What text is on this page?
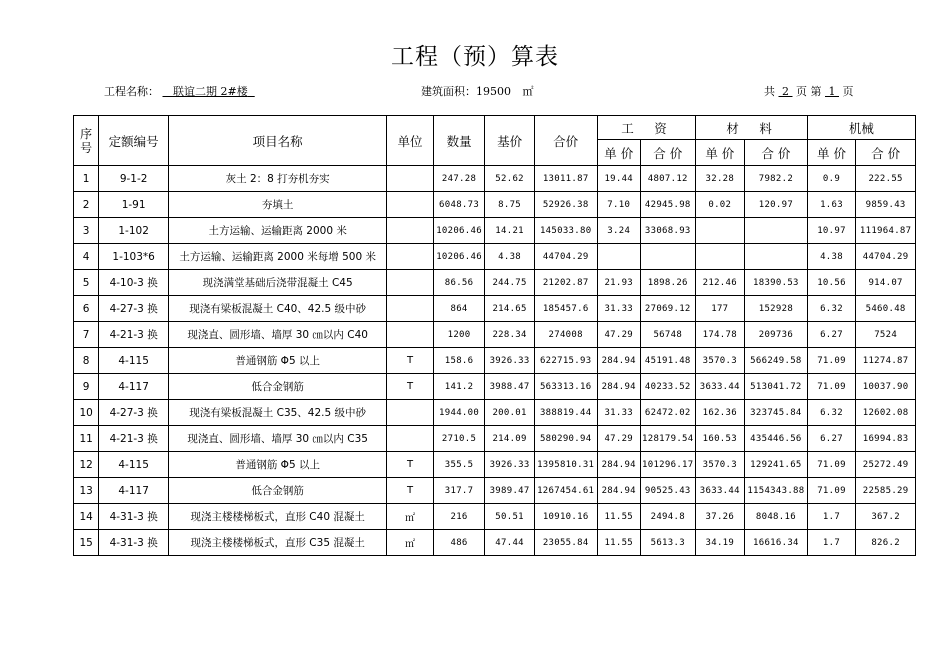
工程（预）算表
工程名称： 联谊二期 2#楼	建筑面积：19500 ㎡	共 2 页 第 1 页
序号	定额编号	项目名称	单位	数量	基价	合价	工　资		材　料		机械	
							单 价	合 价	单 价	合 价	单 价	合 价
1	9-1-2	灰土 2：8 打夯机夯实		247.28	52.62	13011.87	19.44	4807.12	32.28	7982.2	0.9	222.55
2	1-91	夯填土		6048.73	8.75	52926.38	7.10	42945.98	0.02	120.97	1.63	9859.43
3	1-102	土方运输、运输距离 2000 米		10206.46	14.21	145033.80	3.24	33068.93			10.97	111964.87
4	1-103*6	土方运输、运输距离 2000 米每增 500 米		10206.46	4.38	44704.29					4.38	44704.29
5	4-10-3 换	现浇满堂基础后浇带混凝土 C45		86.56	244.75	21202.87	21.93	1898.26	212.46	18390.53	10.56	914.07
6	4-27-3 换	现浇有梁板混凝土 C40、42.5 级中砂		864	214.65	185457.6	31.33	27069.12	177	152928	6.32	5460.48
7	4-21-3 换	现浇直、圆形墙、墙厚 30 ㎝以内 C40		1200	228.34	274008	47.29	56748	174.78	209736	6.27	7524
8	4-115	普通钢筋 Φ5 以上	T	158.6	3926.33	622715.93	284.94	45191.48	3570.3	566249.58	71.09	11274.87
9	4-117	低合金钢筋	T	141.2	3988.47	563313.16	284.94	40233.52	3633.44	513041.72	71.09	10037.90
10	4-27-3 换	现浇有梁板混凝土 C35、42.5 级中砂		1944.00	200.01	388819.44	31.33	62472.02	162.36	323745.84	6.32	12602.08
11	4-21-3 换	现浇直、圆形墙、墙厚 30 ㎝以内 C35		2710.5	214.09	580290.94	47.29	128179.54	160.53	435446.56	6.27	16994.83
12	4-115	普通钢筋 Φ5 以上	T	355.5	3926.33	1395810.31	284.94	101296.17	3570.3	129241.65	71.09	25272.49
13	4-117	低合金钢筋	T	317.7	3989.47	1267454.61	284.94	90525.43	3633.44	1154343.88	71.09	22585.29
14	4-31-3 换	现浇主楼楼梯板式，直形 C40 混凝土	㎡	216	50.51	10910.16	11.55	2494.8	37.26	8048.16	1.7	367.2
15	4-31-3 换	现浇主楼楼梯板式，直形 C35 混凝土	㎡	486	47.44	23055.84	11.55	5613.3	34.19	16616.34	1.7	826.2
